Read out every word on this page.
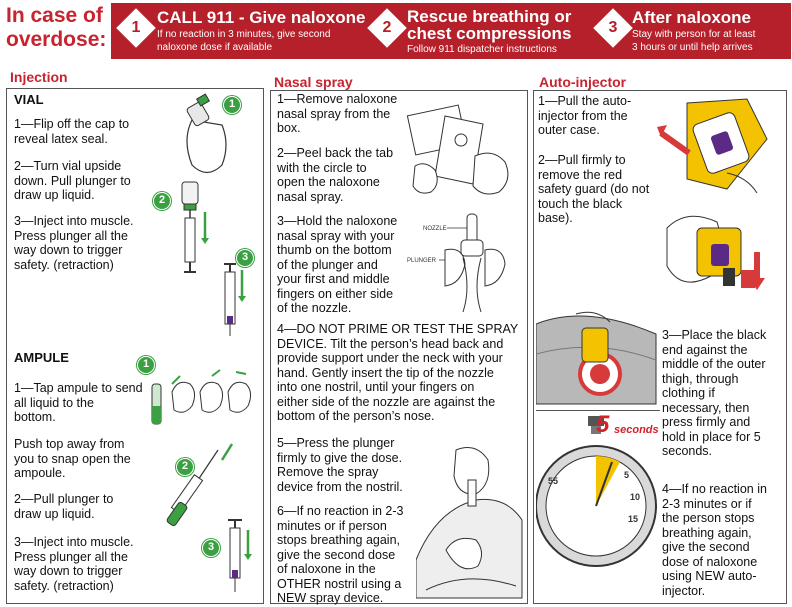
In case of
overdose:
1
CALL 911 - Give naloxone
If no reaction in 3 minutes, give second
naloxone dose if available
2
Rescue breathing or
chest compressions
Follow 911 dispatcher instructions
3
After naloxone
Stay with person for at least
3 hours or until help arrives
Injection
VIAL
1—Flip off the cap to
reveal latex seal.
2—Turn vial upside
down. Pull plunger to
draw up liquid.
3—Inject into muscle.
Press plunger all the
way down to trigger
safety. (retraction)
1
2
3
AMPULE
1—Tap ampule to send
all liquid to the
bottom.
Push top away from
you to snap open the
ampoule.
2—Pull plunger to
draw up liquid.
3—Inject into muscle.
Press plunger all the
way down to trigger
safety. (retraction)
1
2
3
Nasal spray
1—Remove naloxone
nasal spray from the
box.
2—Peel back the tab
with the circle to
open the naloxone
nasal spray.
3—Hold the naloxone
nasal spray with your
thumb on the bottom
of the plunger and
your first and middle
fingers on either side
of the nozzle.
4—DO NOT PRIME OR TEST THE SPRAY
DEVICE. Tilt the person’s head back and
provide support under the neck with your
hand. Gently insert the tip of the nozzle
into one nostril, until your fingers on
either side of the nozzle are against the
bottom of the person’s nose.
5—Press the plunger
firmly to give the dose.
Remove the spray
device from the nostril.
6—If no reaction in 2-3
minutes or if person
stops breathing again,
give the second dose
of naloxone in the
OTHER nostril using a
NEW spray device.
NOZZLE
PLUNGER
Auto-injector
1—Pull the auto-
injector from the
outer case.
2—Pull firmly to
remove the red
safety guard (do not
touch the black
base).
3—Place the black
end against the
middle of the outer
thigh, through
clothing if
necessary, then
press firmly and
hold in place for 5
seconds.
4—If no reaction in
2-3 minutes or if
the person stops
breathing again,
give the second
dose of naloxone
using NEW auto-
injector.
55
5
10
15
5 seconds
